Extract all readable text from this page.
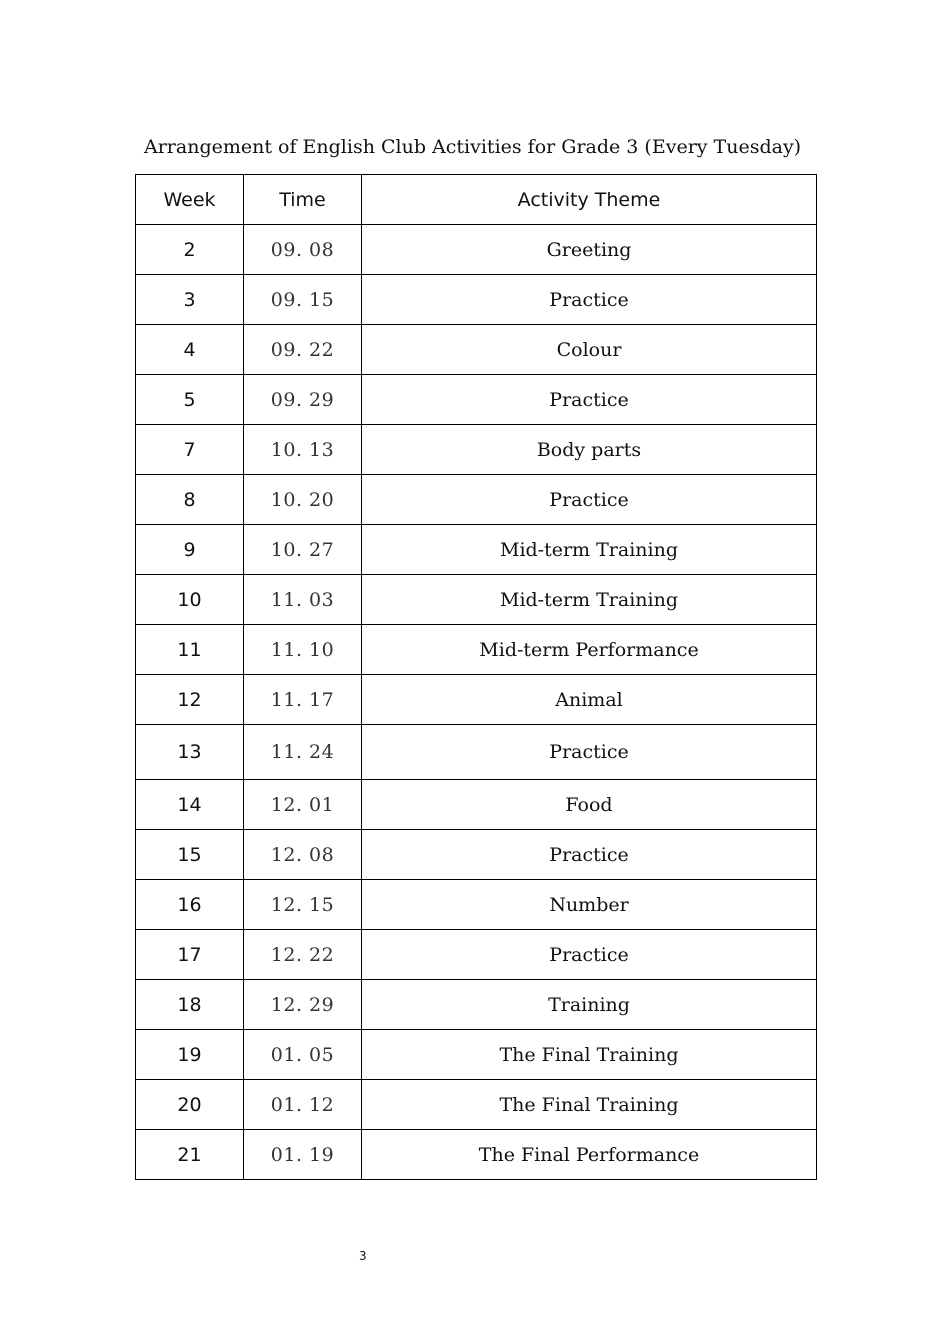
Arrangement of English Club Activities for Grade 3 (Every Tuesday)
Week	Time	Activity Theme
2	09. 08	Greeting
3	09. 15	Practice
4	09. 22	Colour
5	09. 29	Practice
7	10. 13	Body parts
8	10. 20	Practice
9	10. 27	Mid-term Training
10	11. 03	Mid-term Training
11	11. 10	Mid-term Performance
12	11. 17	Animal
13	11. 24	Practice
14	12. 01	Food
15	12. 08	Practice
16	12. 15	Number
17	12. 22	Practice
18	12. 29	Training
19	01. 05	The Final Training
20	01. 12	The Final Training
21	01. 19	The Final Performance
3
